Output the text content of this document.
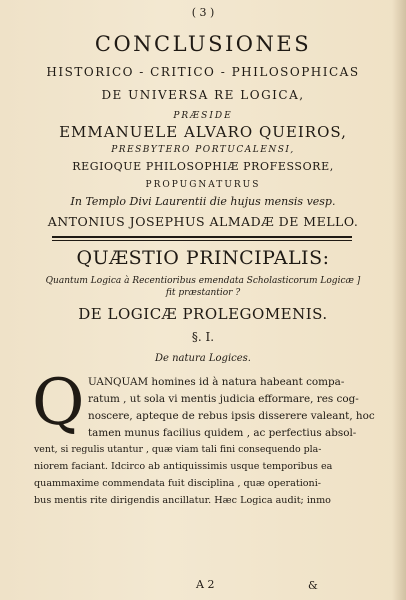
( 3 )
CONCLUSIONES
HISTORICO - CRITICO - PHILOSOPHICAS
DE UNIVERSA RE LOGICA,
PRÆSIDE
EMMANUELE ALVARO QUEIROS,
PRESBYTERO PORTUCALENSI,
REGIOQUE PHILOSOPHIÆ PROFESSORE,
PROPUGNATURUS
In Templo Divi Laurentii die hujus mensis vesp.
ANTONIUS JOSEPHUS ALMADÆ DE MELLO.
QUÆSTIO PRINCIPALIS:
Quantum Logica à Recentioribus emendata Scholasticorum Logicæ ]
fit præstantior ?
DE LOGICÆ PROLEGOMENIS.
§. I.
De natura Logices.
Q UANQUAM homines id à natura habeant compa-
ratum , ut sola vi mentis judicia efformare, res cog-
noscere, apteque de rebus ipsis disserere valeant, hoc
tamen munus facilius quidem , ac perfectius absol-
vent, si regulis utantur , quæ viam tali fini consequendo pla-
niorem faciant. Idcirco ab antiquissimis usque temporibus ea
quammaxime commendata fuit disciplina , quæ operationi-
bus mentis rite dirigendis ancillatur. Hæc Logica audit; inmo
A 2	&
